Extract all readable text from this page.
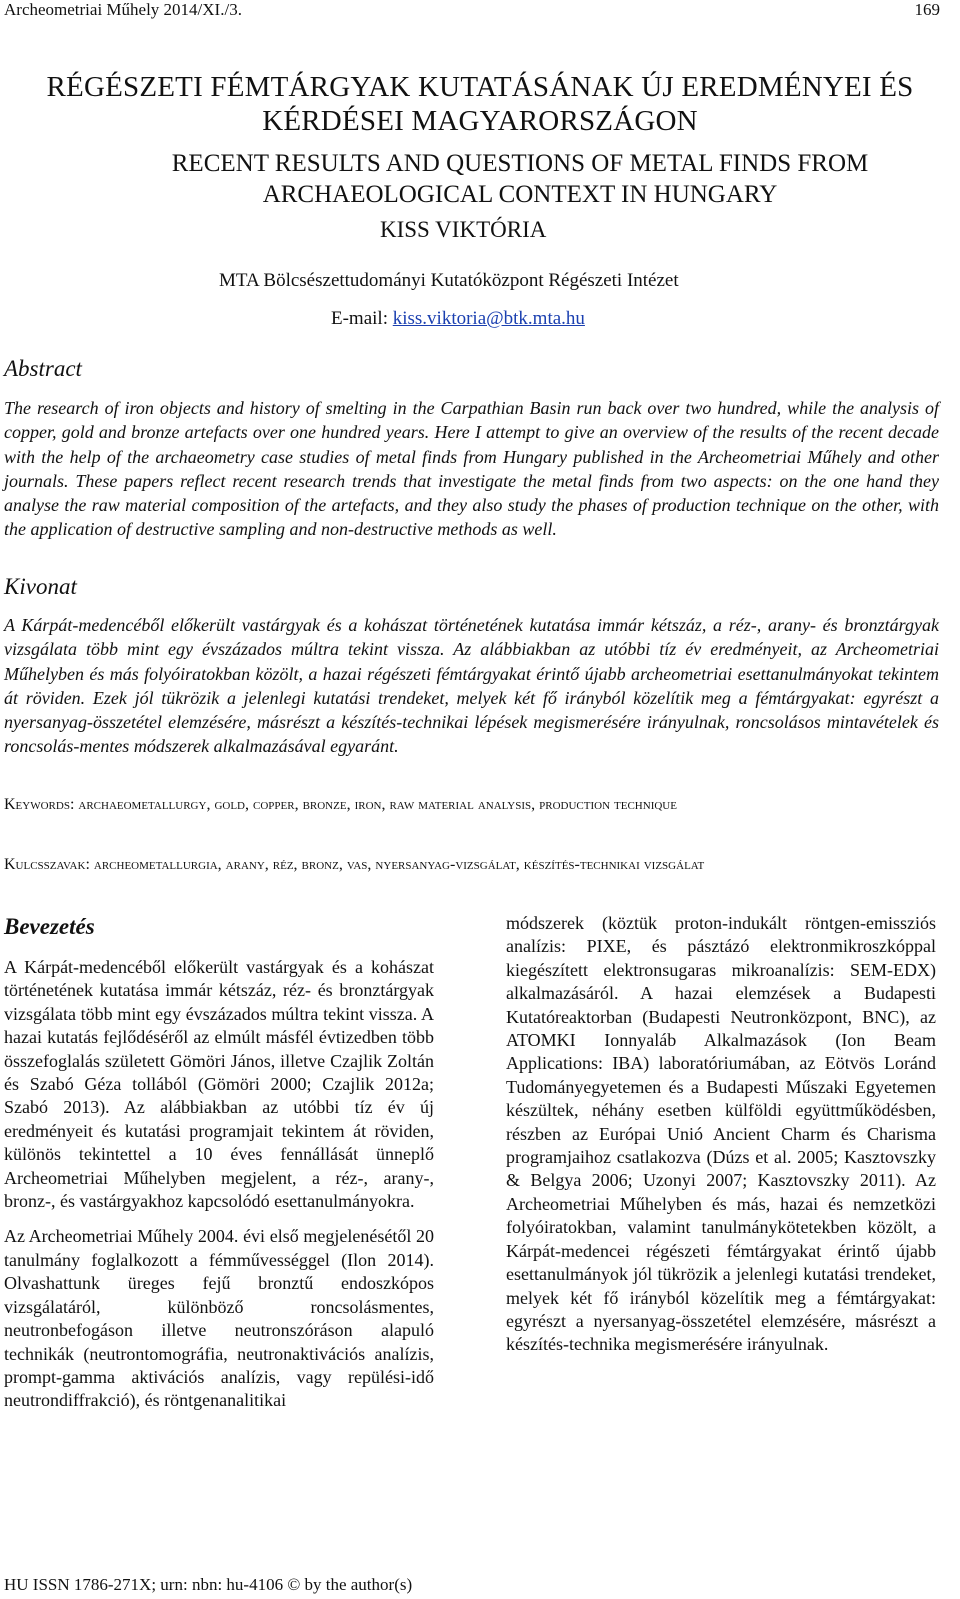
Archeometriai Műhely 2014/XI./3.	169
RÉGÉSZETI FÉMTÁRGYAK KUTATÁSÁNAK ÚJ EREDMÉNYEI ÉS KÉRDÉSEI MAGYARORSZÁGON
RECENT RESULTS AND QUESTIONS OF METAL FINDS FROM ARCHAEOLOGICAL CONTEXT IN HUNGARY
KISS VIKTÓRIA
MTA Bölcsészettudományi Kutatóközpont Régészeti Intézet
E-mail: kiss.viktoria@btk.mta.hu
Abstract

The research of iron objects and history of smelting in the Carpathian Basin run back over two hundred, while the analysis of copper, gold and bronze artefacts over one hundred years. Here I attempt to give an overview of the results of the recent decade with the help of the archaeometry case studies of metal finds from Hungary published in the Archeometriai Műhely and other journals. These papers reflect recent research trends that investigate the metal finds from two aspects: on the one hand they analyse the raw material composition of the artefacts, and they also study the phases of production technique on the other, with the application of destructive sampling and non-destructive methods as well.

Kivonat

A Kárpát-medencéből előkerült vastárgyak és a kohászat történetének kutatása immár kétszáz, a réz-, arany- és bronztárgyak vizsgálata több mint egy évszázados múltra tekint vissza. Az alábbiakban az utóbbi tíz év eredményeit, az Archeometriai Műhelyben és más folyóiratokban közölt, a hazai régészeti fémtárgyakat érintő újabb archeometriai esettanulmányokat tekintem át röviden. Ezek jól tükrözik a jelenlegi kutatási trendeket, melyek két fő irányból közelítik meg a fémtárgyakat: egyrészt a nyersanyag-összetétel elemzésére, másrészt a készítés-technikai lépések megismerésére irányulnak, roncsolásos mintavételek és roncsolás-mentes módszerek alkalmazásával egyaránt.

Keywords: archaeometallurgy, gold, copper, bronze, iron, raw material analysis, production technique

Kulcsszavak: archeometallurgia, arany, réz, bronz, vas, nyersanyag-vizsgálat, készítés-technikai vizsgálat

Bevezetés

A Kárpát-medencéből előkerült vastárgyak és a kohászat történetének kutatása immár kétszáz, réz- és bronztárgyak vizsgálata több mint egy évszázados múltra tekint vissza. A hazai kutatás fejlődéséről az elmúlt másfél évtizedben több összefoglalás született Gömöri János, illetve Czajlik Zoltán és Szabó Géza tollából (Gömöri 2000; Czajlik 2012a; Szabó 2013). Az alábbiakban az utóbbi tíz év új eredményeit és kutatási programjait tekintem át röviden, különös tekintettel a 10 éves fennállását ünneplő Archeometriai Műhelyben megjelent, a réz-, arany-, bronz-, és vastárgyakhoz kapcsolódó esettanulmányokra.

Az Archeometriai Műhely 2004. évi első megjelenésétől 20 tanulmány foglalkozott a fémművességgel (Ilon 2014). Olvashattunk üreges fejű bronztű endoszkópos vizsgálatáról, különböző roncsolásmentes, neutronbefogáson illetve neutronszóráson alapuló technikák (neutrontomográfia, neutronaktivációs analízis, prompt-gamma aktivációs analízis, vagy repülési-idő neutrondiffrakció), és röntgenanalitikai

módszerek (köztük proton-indukált röntgen-emissziós analízis: PIXE, és pásztázó elektronmikroszkóppal kiegészített elektronsugaras mikroanalízis: SEM-EDX) alkalmazásáról. A hazai elemzések a Budapesti Kutatóreaktorban (Budapesti Neutronközpont, BNC), az ATOMKI Ionnyaláb Alkalmazások (Ion Beam Applications: IBA) laboratóriumában, az Eötvös Loránd Tudományegyetemen és a Budapesti Műszaki Egyetemen készültek, néhány esetben külföldi együttműködésben, részben az Európai Unió Ancient Charm és Charisma programjaihoz csatlakozva (Dúzs et al. 2005; Kasztovszky & Belgya 2006; Uzonyi 2007; Kasztovszky 2011). Az Archeometriai Műhelyben és más, hazai és nemzetközi folyóiratokban, valamint tanulmánykötetekben közölt, a Kárpát-medencei régészeti fémtárgyakat érintő újabb esettanulmányok jól tükrözik a jelenlegi kutatási trendeket, melyek két fő irányból közelítik meg a fémtárgyakat: egyrészt a nyersanyag-összetétel elemzésére, másrészt a készítés-technika megismerésére irányulnak.

HU ISSN 1786-271X; urn: nbn: hu-4106 © by the author(s)
